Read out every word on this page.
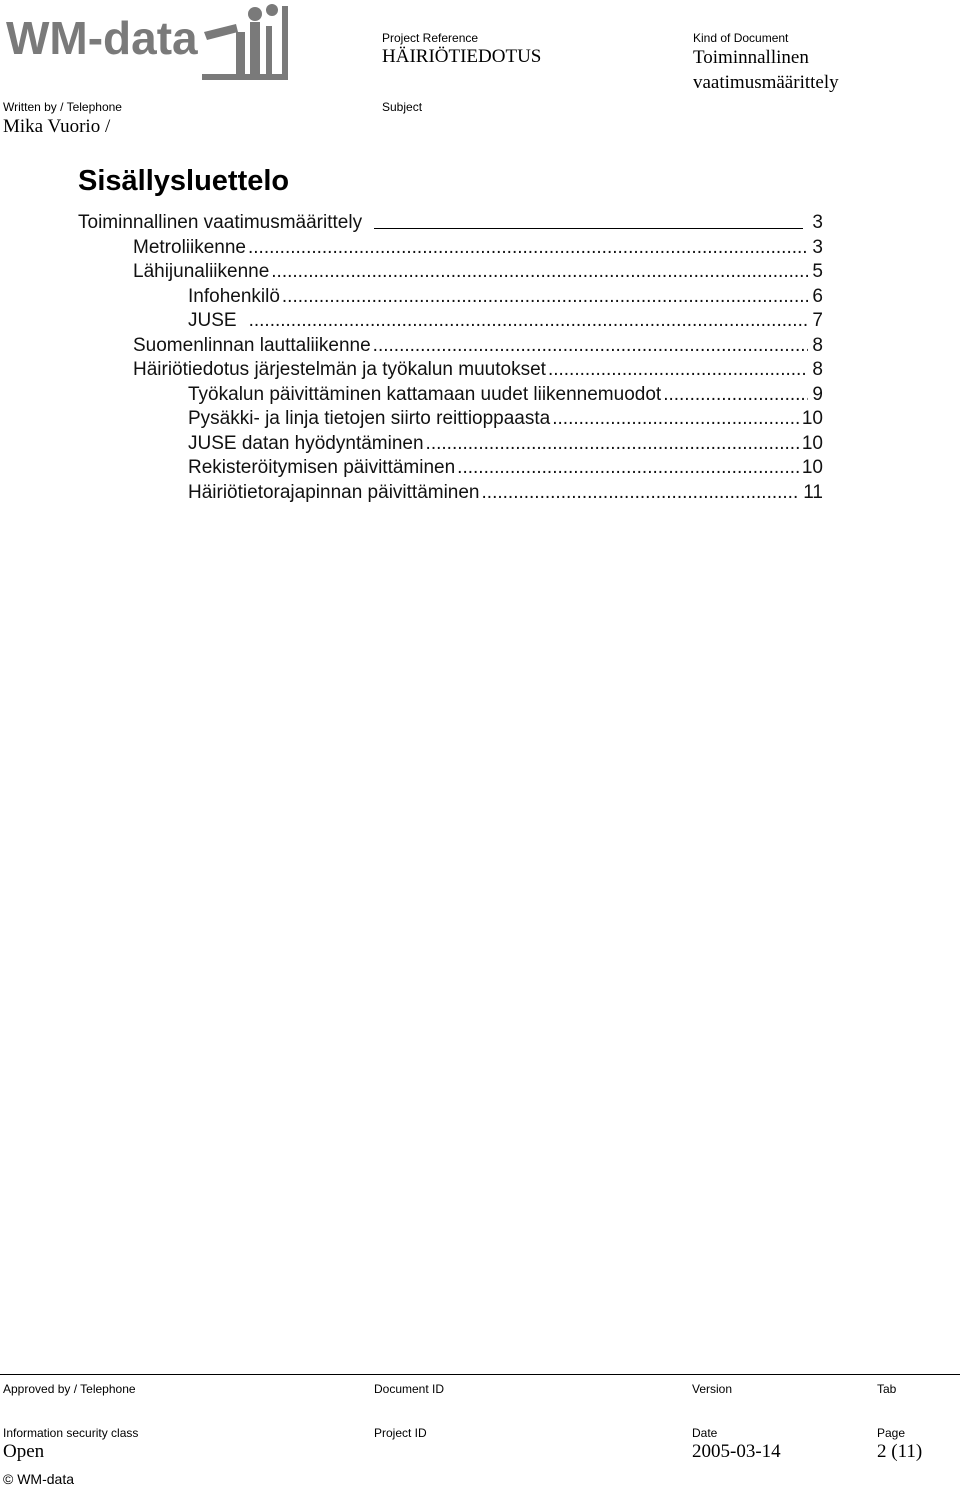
WM-data	Project Reference
HÄIRIÖTIEDOTUS
Kind of Document
Toiminnallinen
vaatimusmäärittely
Written by / Telephone
Mika Vuorio /
Subject
Sisällysluettelo
Toiminnallinen vaatimusmäärittely	3
Metroliikenne .....	3
Lähijunaliikenne .....	5
Infohenkilö .....	6
JUSE .....	7
Suomenlinnan lauttaliikenne .....	8
Häiriötiedotus järjestelmän ja työkalun muutokset .....	8
Työkalun päivittäminen kattamaan uudet liikennemuodot .....	9
Pysäkki- ja linja tietojen siirto reittioppaasta .....	10
JUSE datan hyödyntäminen .....	10
Rekisteröitymisen päivittäminen .....	10
Häiriötietorajapinnan päivittäminen .....	11
Approved by / Telephone	Document ID	Version	Tab
Information security class	Project ID	Date	Page
Open	2005-03-14	2 (11)
© WM-data
